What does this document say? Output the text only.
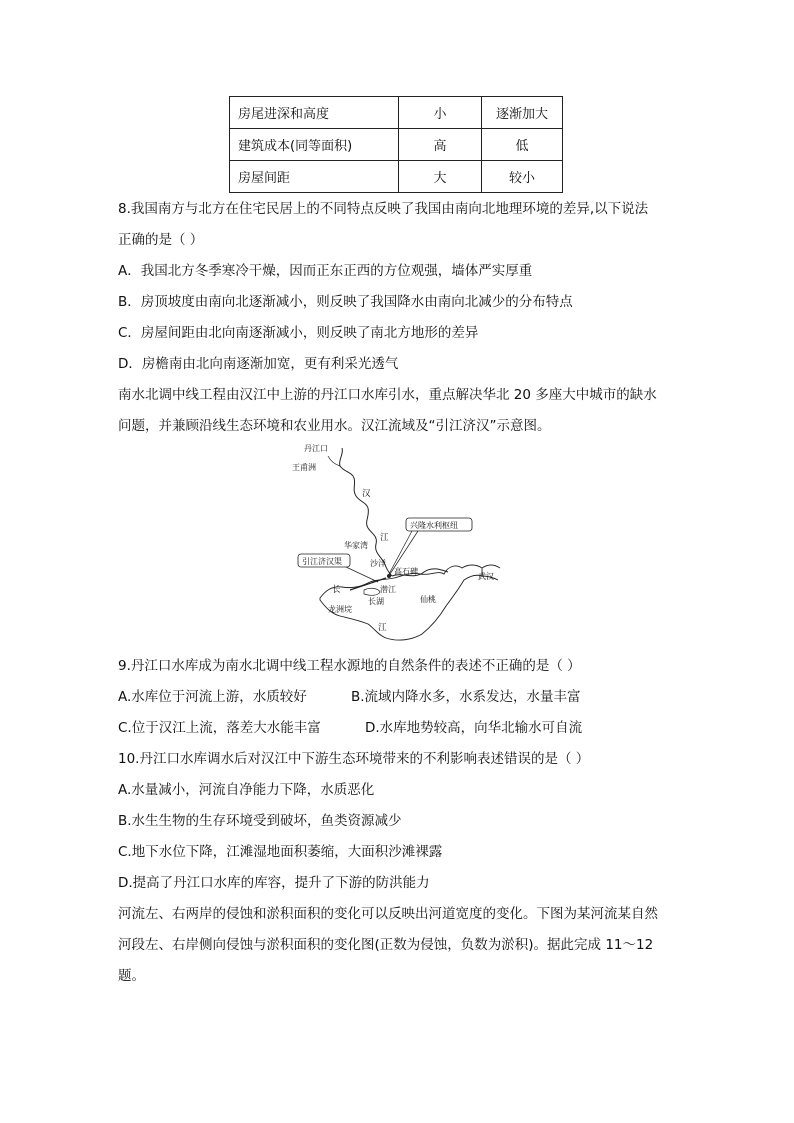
房尾进深和高度	小	逐渐加大
建筑成本(同等面积)	高	低
房屋间距	大	较小
8.我国南方与北方在住宅民居上的不同特点反映了我国由南向北地理环境的差异,以下说法
正确的是（ ）
A．我国北方冬季寒冷干燥，因而正东正西的方位观强，墙体严实厚重
B．房顶坡度由南向北逐渐减小，则反映了我国降水由南向北减少的分布特点
C．房屋间距由北向南逐渐减小，则反映了南北方地形的差异
D．房檐南由北向南逐渐加宽，更有利采光透气
南水北调中线工程由汉江中上游的丹江口水库引水，重点解决华北 20 多座大中城市的缺水
问题，并兼顾沿线生态环境和农业用水。汉江流域及“引江济汉”示意图。
丹江口
王甫洲
汉
江
华家湾
沙洋
高石碑
武汉
长	潜江
长湖
龙洲垸
仙桃
江
兴隆水利枢纽
引江济汉渠
9.丹江口水库成为南水北调中线工程水源地的自然条件的表述不正确的是（ ）
A.水库位于河流上游，水质较好	B.流域内降水多，水系发达，水量丰富
C.位于汉江上流，落差大水能丰富	D.水库地势较高，向华北输水可自流
10.丹江口水库调水后对汉江中下游生态环境带来的不利影响表述错误的是（ ）
A.水量减小，河流自净能力下降，水质恶化
B.水生生物的生存环境受到破坏，鱼类资源减少
C.地下水位下降，江滩湿地面积萎缩，大面积沙滩裸露
D.提高了丹江口水库的库容，提升了下游的防洪能力
河流左、右两岸的侵蚀和淤积面积的变化可以反映出河道宽度的变化。下图为某河流某自然
河段左、右岸侧向侵蚀与淤积面积的变化图(正数为侵蚀，负数为淤积)。据此完成 11～12
题。
